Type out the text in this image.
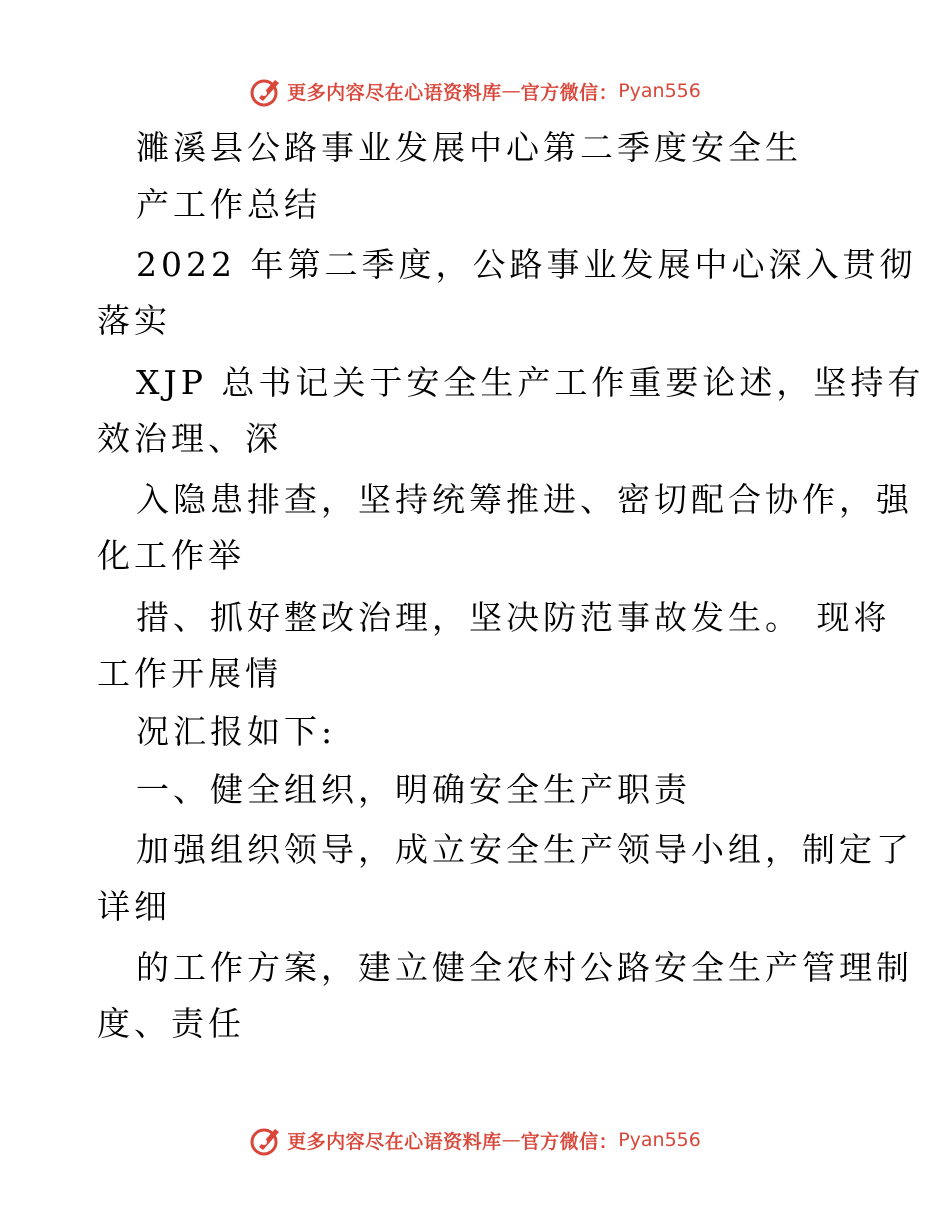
更多内容尽在心语资料库 — 官方微信： Pyan556
濉溪县公路事业发展中心第二季度安全生
产工作总结
2022 年第二季度，公路事业发展中心深入贯彻
落实
XJP 总书记关于安全生产工作重要论述，坚持有
效治理、深
入隐患排查，坚持统筹推进、密切配合协作，强
化工作举
措、抓好整改治理，坚决防范事故发生。 现将
工作开展情
况汇报如下:
一、健全组织，明确安全生产职责
加强组织领导，成立安全生产领导小组，制定了
详细
的工作方案，建立健全农村公路安全生产管理制
度、责任
更多内容尽在心语资料库 — 官方微信： Pyan556
